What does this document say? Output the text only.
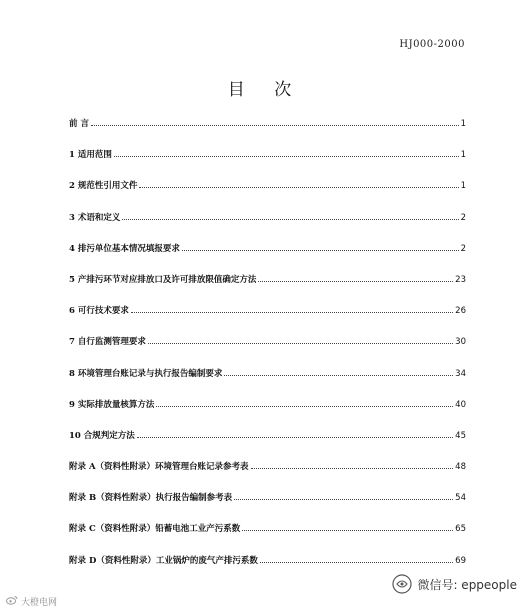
HJ000-2000
目 次
前 言	1
1 适用范围	1
2 规范性引用文件	1
3 术语和定义	2
4 排污单位基本情况填报要求	2
5 产排污环节对应排放口及许可排放限值确定方法	23
6 可行技术要求	26
7 自行监测管理要求	30
8 环境管理台账记录与执行报告编制要求	34
9 实际排放量核算方法	40
10 合规判定方法	45
附录 A（资料性附录）环境管理台账记录参考表	48
附录 B（资料性附录）执行报告编制参考表	54
附录 C（资料性附录）铅蓄电池工业产污系数	65
附录 D（资料性附录）工业锅炉的废气产排污系数	69
大橙电网
微信号: eppeople
